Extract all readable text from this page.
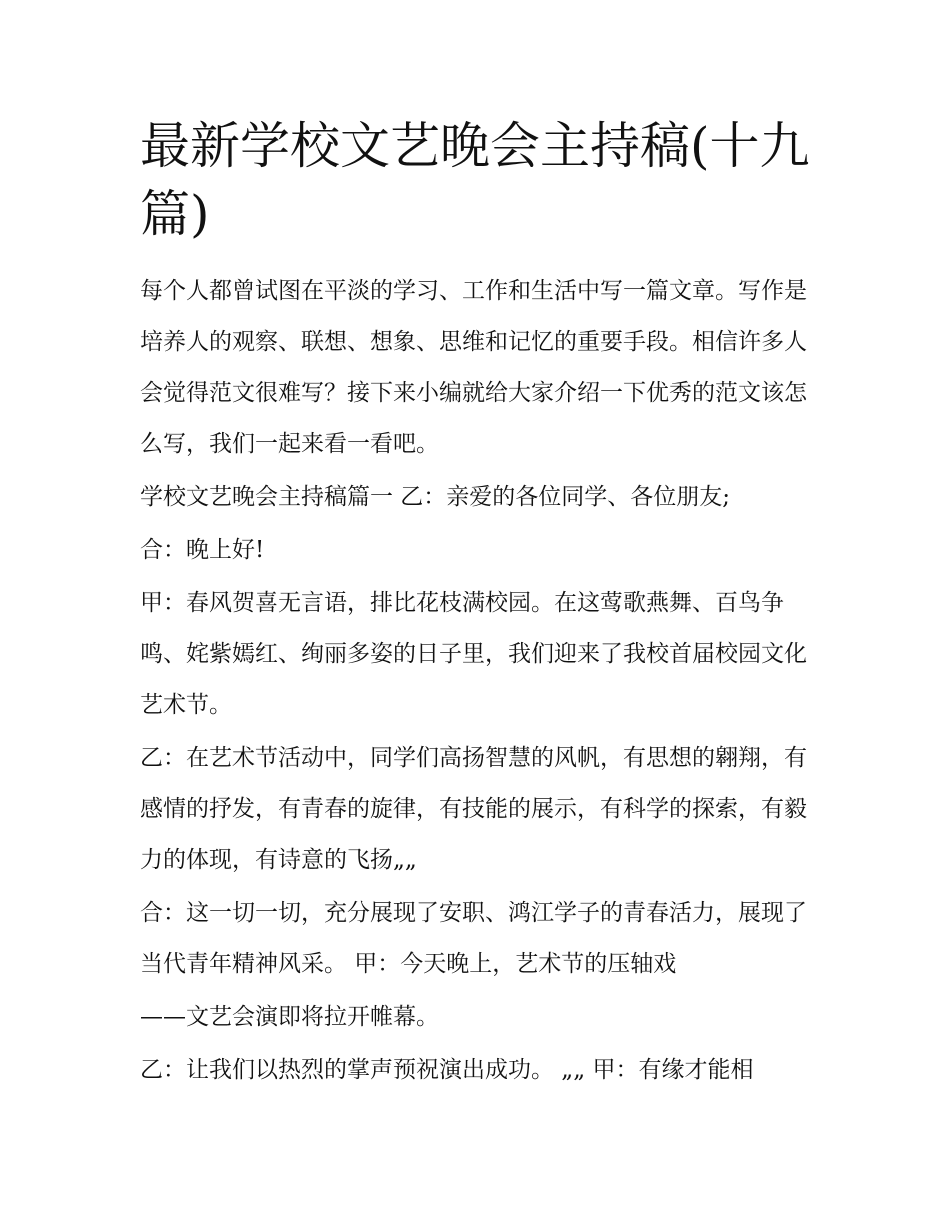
最新学校文艺晚会主持稿(十九篇)

每个人都曾试图在平淡的学习、工作和生活中写一篇文章。写作是培养人的观察、联想、想象、思维和记忆的重要手段。相信许多人会觉得范文很难写？接下来小编就给大家介绍一下优秀的范文该怎么写，我们一起来看一看吧。

学校文艺晚会主持稿篇一 乙：亲爱的各位同学、各位朋友;

合：晚上好!

甲：春风贺喜无言语，排比花枝满校园。在这莺歌燕舞、百鸟争鸣、姹紫嫣红、绚丽多姿的日子里，我们迎来了我校首届校园文化艺术节。

乙：在艺术节活动中，同学们高扬智慧的风帆，有思想的翱翔，有感情的抒发，有青春的旋律，有技能的展示，有科学的探索，有毅力的体现，有诗意的飞扬„„

合：这一切一切，充分展现了安职、鸿江学子的青春活力，展现了当代青年精神风采。 甲：今天晚上，艺术节的压轴戏

——文艺会演即将拉开帷幕。

乙：让我们以热烈的掌声预祝演出成功。 „„ 甲：有缘才能相
